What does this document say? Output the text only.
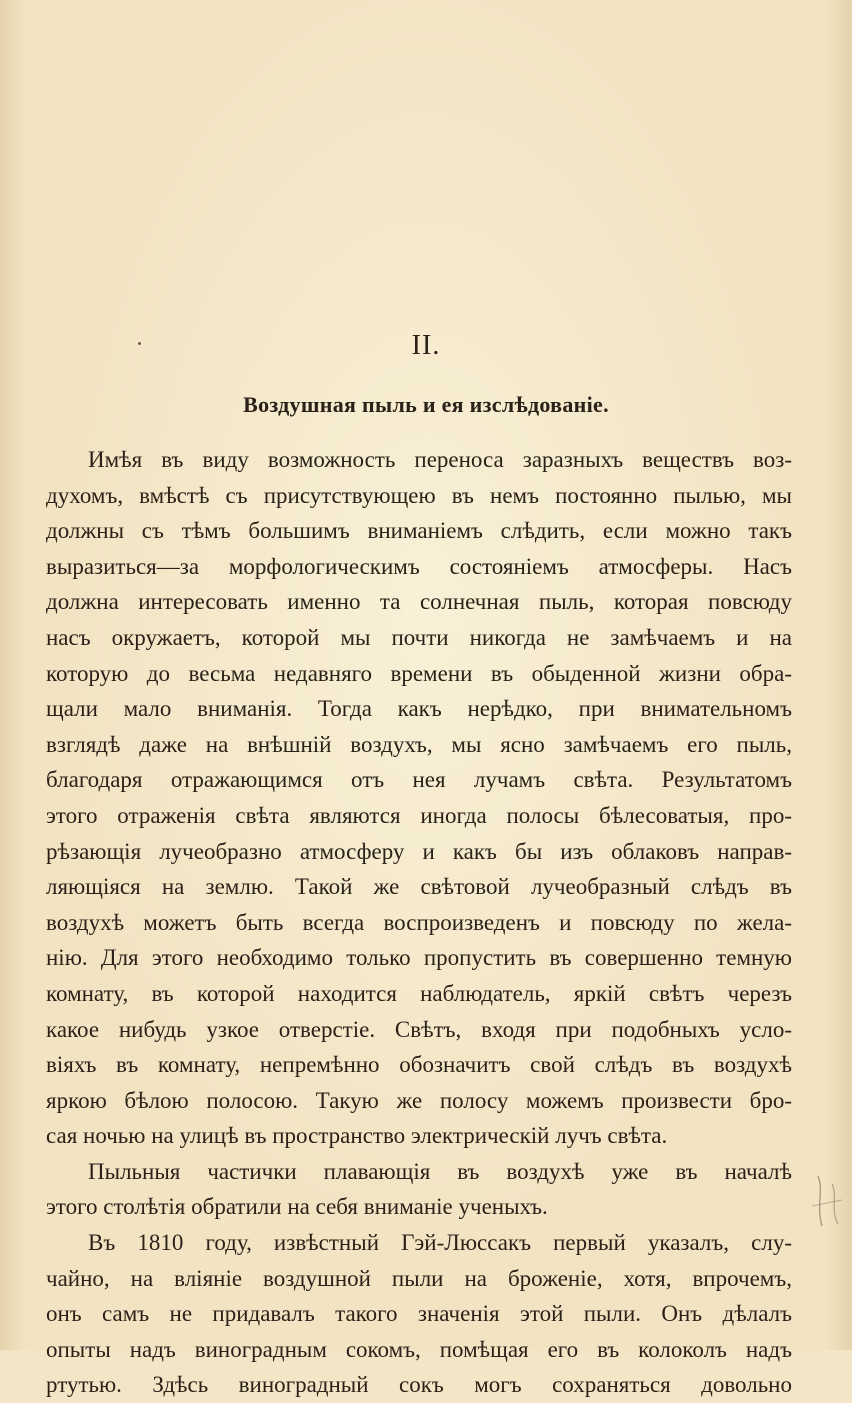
II.
Воздушная пыль и ея изслѣдованіе.
Имѣя въ виду возможность переноса заразныхъ веществъ воз-
духомъ, вмѣстѣ съ присутствующею въ немъ постоянно пылью, мы
должны съ тѣмъ большимъ вниманіемъ слѣдить, если можно такъ
выразиться—за морфологическимъ состояніемъ атмосферы. Насъ
должна интересовать именно та солнечная пыль, которая повсюду
насъ окружаетъ, которой мы почти никогда не замѣчаемъ и на
которую до весьма недавняго времени въ обыденной жизни обра-
щали мало вниманія. Тогда какъ нерѣдко, при внимательномъ
взглядѣ даже на внѣшній воздухъ, мы ясно замѣчаемъ его пыль,
благодаря отражающимся отъ нея лучамъ свѣта. Результатомъ
этого отраженія свѣта являются иногда полосы бѣлесоватыя, про-
рѣзающія лучеобразно атмосферу и какъ бы изъ облаковъ направ-
ляющіяся на землю. Такой же свѣтовой лучеобразный слѣдъ въ
воздухѣ можетъ быть всегда воспроизведенъ и повсюду по жела-
нію. Для этого необходимо только пропустить въ совершенно темную
комнату, въ которой находится наблюдатель, яркій свѣтъ черезъ
какое нибудь узкое отверстіе. Свѣтъ, входя при подобныхъ усло-
віяхъ въ комнату, непремѣнно обозначитъ свой слѣдъ въ воздухѣ
яркою бѣлою полосою. Такую же полосу можемъ произвести бро-
сая ночью на улицѣ въ пространство электрическій лучъ свѣта.
Пыльныя частички плавающія въ воздухѣ уже въ началѣ
этого столѣтія обратили на себя вниманіе ученыхъ.
Въ 1810 году, извѣстный Гэй-Люссакъ первый указалъ, слу-
чайно, на вліяніе воздушной пыли на броженіе, хотя, впрочемъ,
онъ самъ не придавалъ такого значенія этой пыли. Онъ дѣлалъ
опыты надъ виноградным сокомъ, помѣщая его въ колоколъ надъ
ртутью. Здѣсь виноградный сокъ могъ сохраняться довольно
